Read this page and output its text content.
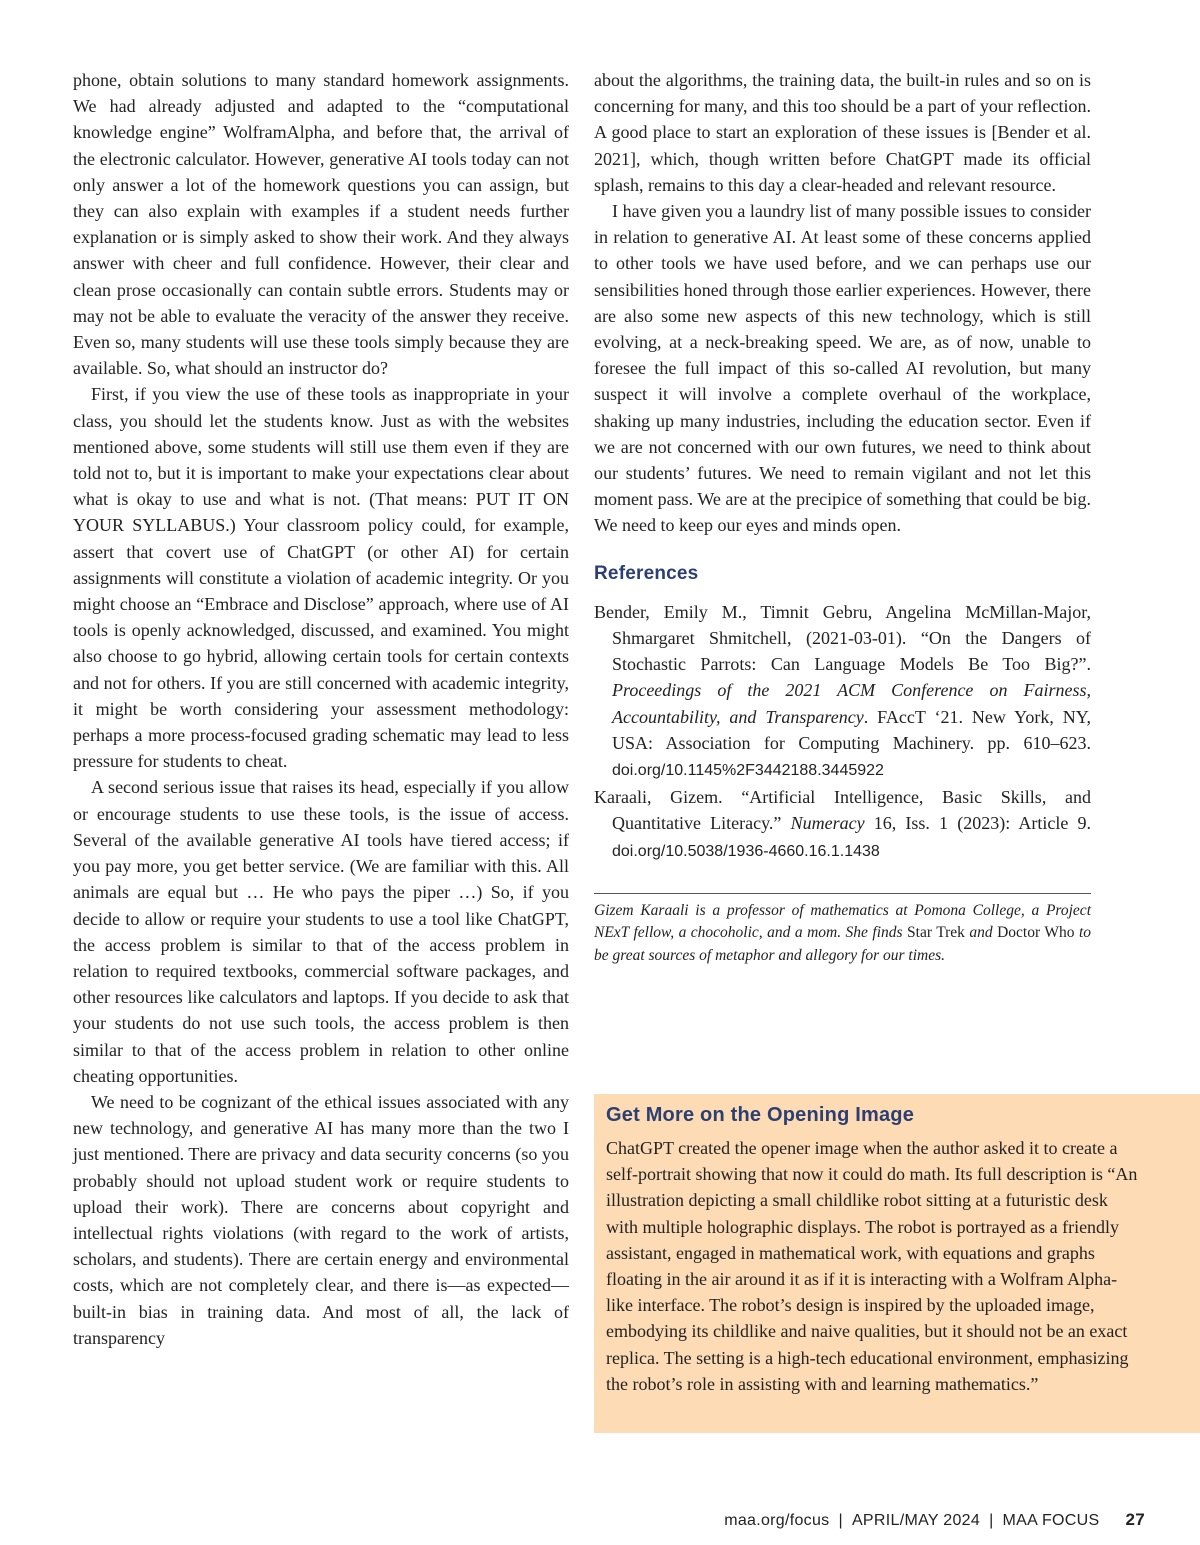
phone, obtain solutions to many standard homework assignments. We had already adjusted and adapted to the “computational knowledge engine” WolframAlpha, and before that, the arrival of the electronic calculator. However, generative AI tools today can not only answer a lot of the homework questions you can assign, but they can also explain with examples if a student needs further explanation or is simply asked to show their work. And they always answer with cheer and full confidence. However, their clear and clean prose occasionally can contain subtle errors. Students may or may not be able to evaluate the veracity of the answer they receive. Even so, many students will use these tools simply because they are available. So, what should an instructor do?

First, if you view the use of these tools as inappropriate in your class, you should let the students know. Just as with the websites mentioned above, some students will still use them even if they are told not to, but it is important to make your expectations clear about what is okay to use and what is not. (That means: PUT IT ON YOUR SYLLABUS.) Your classroom policy could, for example, assert that covert use of ChatGPT (or other AI) for certain assignments will constitute a violation of academic integrity. Or you might choose an “Embrace and Disclose” approach, where use of AI tools is openly acknowledged, discussed, and examined. You might also choose to go hybrid, allowing certain tools for certain contexts and not for others. If you are still concerned with academic integrity, it might be worth considering your assessment methodology: perhaps a more process-focused grading schematic may lead to less pressure for students to cheat.

A second serious issue that raises its head, especially if you allow or encourage students to use these tools, is the issue of access. Several of the available generative AI tools have tiered access; if you pay more, you get better service. (We are familiar with this. All animals are equal but … He who pays the piper …) So, if you decide to allow or require your students to use a tool like ChatGPT, the access problem is similar to that of the access problem in relation to required textbooks, commercial software packages, and other resources like calculators and laptops. If you decide to ask that your students do not use such tools, the access problem is then similar to that of the access problem in relation to other online cheating opportunities.

We need to be cognizant of the ethical issues associated with any new technology, and generative AI has many more than the two I just mentioned. There are privacy and data security concerns (so you probably should not upload student work or require students to upload their work). There are concerns about copyright and intellectual rights violations (with regard to the work of artists, scholars, and students). There are certain energy and environmental costs, which are not completely clear, and there is—as expected—built-in bias in training data. And most of all, the lack of transparency

about the algorithms, the training data, the built-in rules and so on is concerning for many, and this too should be a part of your reflection. A good place to start an exploration of these issues is [Bender et al. 2021], which, though written before ChatGPT made its official splash, remains to this day a clear-headed and relevant resource.

I have given you a laundry list of many possible issues to consider in relation to generative AI. At least some of these concerns applied to other tools we have used before, and we can perhaps use our sensibilities honed through those earlier experiences. However, there are also some new aspects of this new technology, which is still evolving, at a neck-breaking speed. We are, as of now, unable to foresee the full impact of this so-called AI revolution, but many suspect it will involve a complete overhaul of the workplace, shaking up many industries, including the education sector. Even if we are not concerned with our own futures, we need to think about our students’ futures. We need to remain vigilant and not let this moment pass. We are at the precipice of something that could be big. We need to keep our eyes and minds open.

References

Bender, Emily M., Timnit Gebru, Angelina McMillan-Major, Shmargaret Shmitchell, (2021-03-01). “On the Dangers of Stochastic Parrots: Can Language Models Be Too Big?”. Proceedings of the 2021 ACM Conference on Fairness, Accountability, and Transparency. FAccT ‘21. New York, NY, USA: Association for Computing Machinery. pp. 610–623. doi.org/10.1145%2F3442188.3445922

Karaali, Gizem. “Artificial Intelligence, Basic Skills, and Quantitative Literacy.” Numeracy 16, Iss. 1 (2023): Article 9. doi.org/10.5038/1936-4660.16.1.1438

Gizem Karaali is a professor of mathematics at Pomona College, a Project NExT fellow, a chocoholic, and a mom. She finds Star Trek and Doctor Who to be great sources of metaphor and allegory for our times.

Get More on the Opening Image

ChatGPT created the opener image when the author asked it to create a self-portrait showing that now it could do math. Its full description is “An illustration depicting a small childlike robot sitting at a futuristic desk with multiple holographic displays. The robot is portrayed as a friendly assistant, engaged in mathematical work, with equations and graphs floating in the air around it as if it is interacting with a Wolfram Alpha-like interface. The robot’s design is inspired by the uploaded image, embodying its childlike and naive qualities, but it should not be an exact replica. The setting is a high-tech educational environment, emphasizing the robot’s role in assisting with and learning mathematics.”

maa.org/focus | APRIL/MAY 2024 | MAA FOCUS 27
